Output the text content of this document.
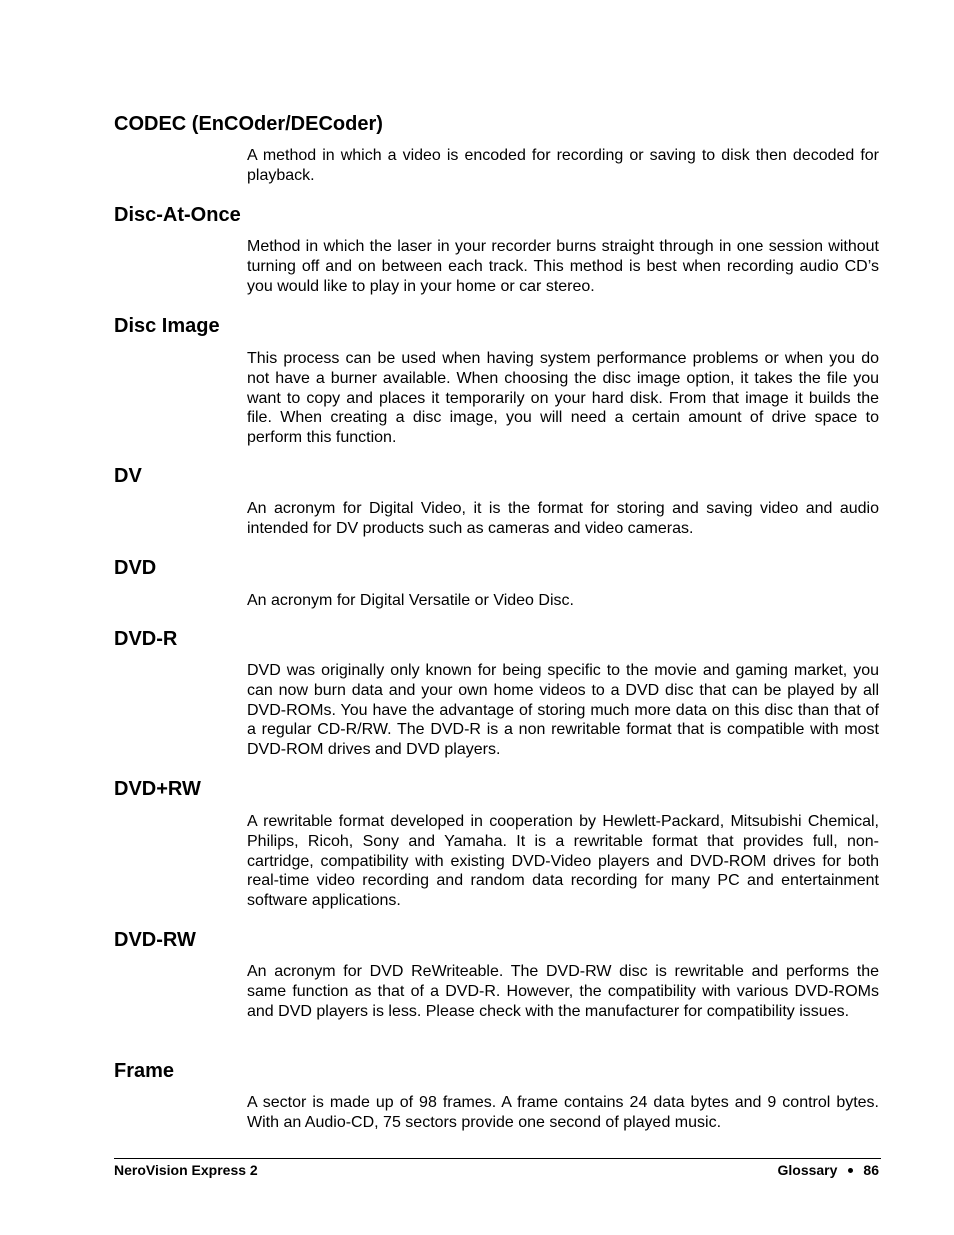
CODEC (EnCOder/DECoder)

A method in which a video is encoded for recording or saving to disk then decoded for playback.

Disc-At-Once

Method in which the laser in your recorder burns straight through in one session without turning off and on between each track. This method is best when recording audio CD’s you would like to play in your home or car stereo.

Disc Image

This process can be used when having system performance problems or when you do not have a burner available. When choosing the disc image option, it takes the file you want to copy and places it temporarily on your hard disk. From that image it builds the file. When creating a disc image, you will need a certain amount of drive space to perform this function.

DV

An acronym for Digital Video, it is the format for storing and saving video and audio intended for DV products such as cameras and video cameras.

DVD

An acronym for Digital Versatile or Video Disc.

DVD-R

DVD was originally only known for being specific to the movie and gaming market, you can now burn data and your own home videos to a DVD disc that can be played by all DVD-ROMs. You have the advantage of storing much more data on this disc than that of a regular CD-R/RW. The DVD-R is a non rewritable format that is compatible with most DVD-ROM drives and DVD players.

DVD+RW

A rewritable format developed in cooperation by Hewlett-Packard, Mitsubishi Chemical, Philips, Ricoh, Sony and Yamaha. It is a rewritable format that provides full, non-cartridge, compatibility with existing DVD-Video players and DVD-ROM drives for both real-time video recording and random data recording for many PC and entertainment software applications.

DVD-RW

An acronym for DVD ReWriteable. The DVD-RW disc is rewritable and performs the same function as that of a DVD-R. However, the compatibility with various DVD-ROMs and DVD players is less. Please check with the manufacturer for compatibility issues.

Frame

A sector is made up of 98 frames. A frame contains 24 data bytes and 9 control bytes. With an Audio-CD, 75 sectors provide one second of played music.

NeroVision Express 2	Glossary 86
